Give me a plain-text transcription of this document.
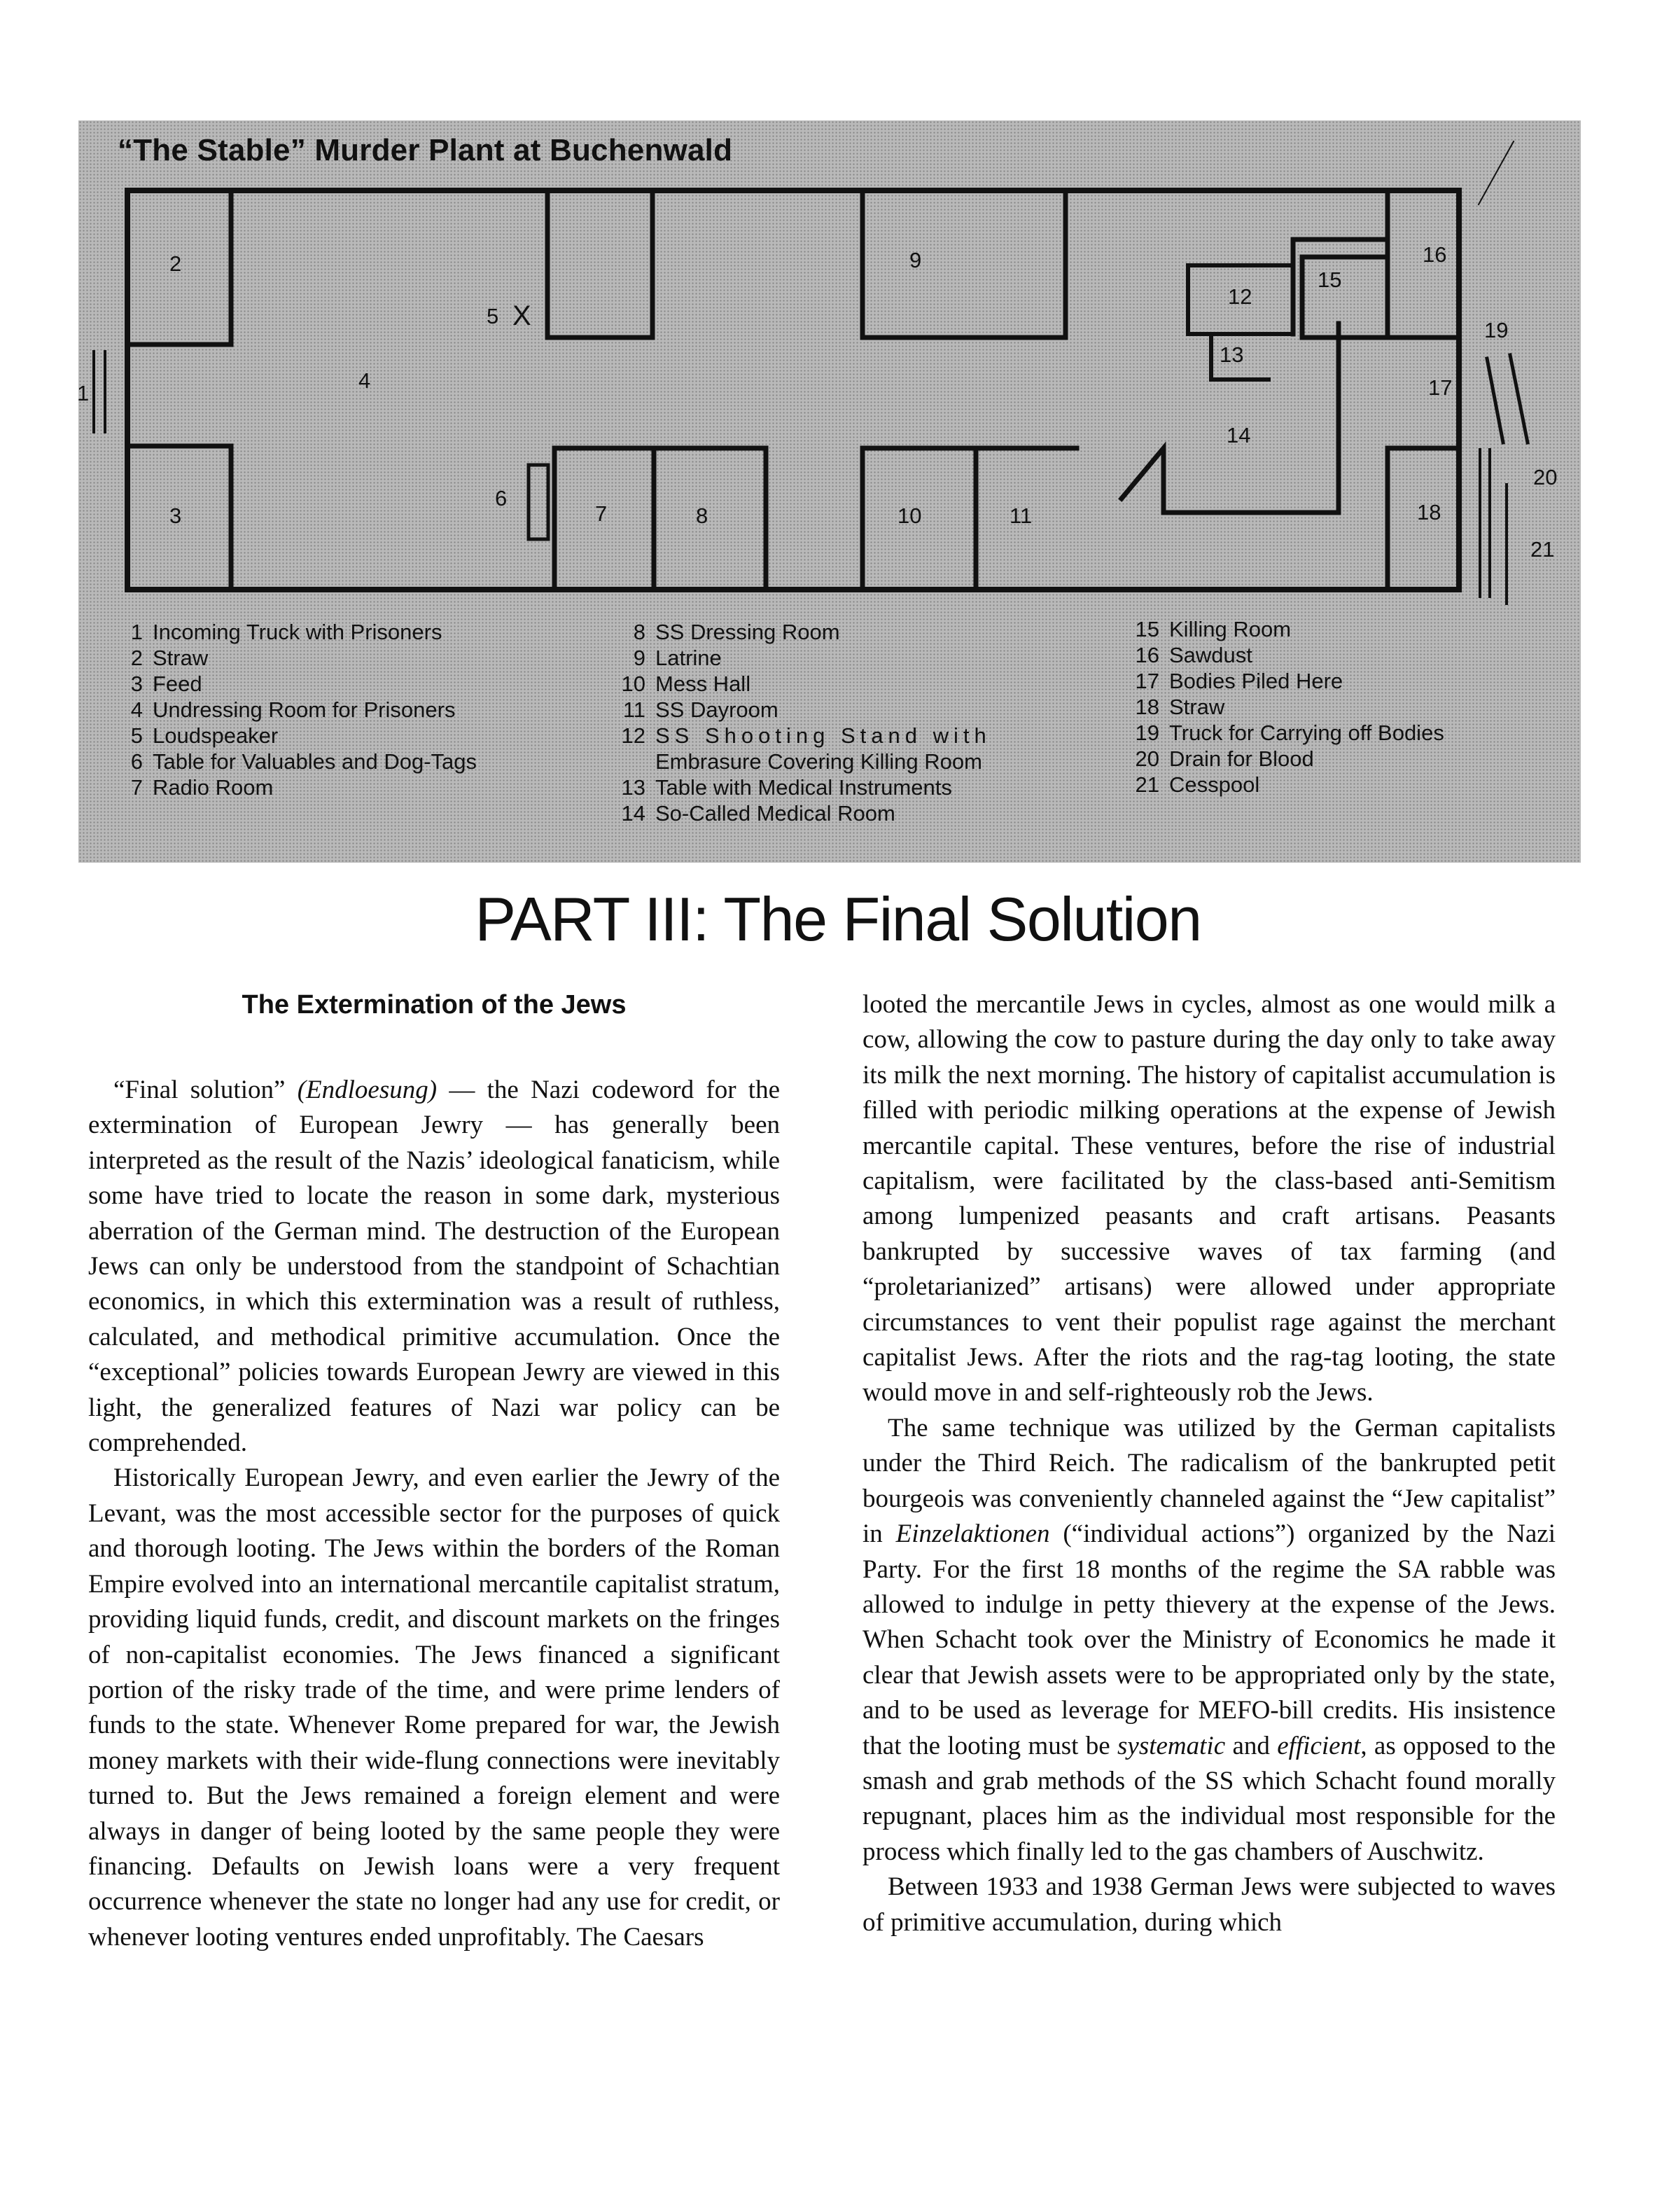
1
2
3
4
5 X
6
7	8
9
10	11
12
13
14
15
16
17
18
19
20
21
“The Stable” Murder Plant at Buchenwald
1 Incoming Truck with Prisoners
2 Straw
3 Feed
4 Undressing Room for Prisoners
5 Loudspeaker
6 Table for Valuables and Dog-Tags
7 Radio Room
8 SS Dressing Room
9 Latrine
10 Mess Hall
11 SS Dayroom
12 SS Shooting Stand with
Embrasure Covering Killing Room
13 Table with Medical Instruments
14 So-Called Medical Room
15 Killing Room
16 Sawdust
17 Bodies Piled Here
18 Straw
19 Truck for Carrying off Bodies
20 Drain for Blood
21 Cesspool
PART III: The Final Solution
The Extermination of the Jews

“Final solution” (Endloesung) — the Nazi codeword for the extermination of European Jewry — has generally been interpreted as the result of the Nazis’ ideological fanaticism, while some have tried to locate the reason in some dark, mysterious aberration of the German mind. The destruction of the European Jews can only be understood from the standpoint of Schachtian economics, in which this extermination was a result of ruthless, calculated, and methodical primitive accumulation. Once the “exceptional” policies towards European Jewry are viewed in this light, the generalized features of Nazi war policy can be comprehended.

Historically European Jewry, and even earlier the Jewry of the Levant, was the most accessible sector for the purposes of quick and thorough looting. The Jews within the borders of the Roman Empire evolved into an international mercantile capitalist stratum, providing liquid funds, credit, and discount markets on the fringes of non-capitalist economies. The Jews financed a significant portion of the risky trade of the time, and were prime lenders of funds to the state. Whenever Rome prepared for war, the Jewish money markets with their wide-flung connections were inevitably turned to. But the Jews remained a foreign element and were always in danger of being looted by the same people they were financing. Defaults on Jewish loans were a very frequent occurrence whenever the state no longer had any use for credit, or whenever looting ventures ended unprofitably. The Caesars

looted the mercantile Jews in cycles, almost as one would milk a cow, allowing the cow to pasture during the day only to take away its milk the next morning. The history of capitalist accumulation is filled with periodic milking operations at the expense of Jewish mercantile capital. These ventures, before the rise of industrial capitalism, were facilitated by the class-based anti-Semitism among lumpenized peasants and craft artisans. Peasants bankrupted by successive waves of tax farming (and “proletarianized” artisans) were allowed under appropriate circumstances to vent their populist rage against the merchant capitalist Jews. After the riots and the rag-tag looting, the state would move in and self-righteously rob the Jews.

The same technique was utilized by the German capitalists under the Third Reich. The radicalism of the bankrupted petit bourgeois was conveniently channeled against the “Jew capitalist” in Einzelaktionen (“individual actions”) organized by the Nazi Party. For the first 18 months of the regime the SA rabble was allowed to indulge in petty thievery at the expense of the Jews. When Schacht took over the Ministry of Economics he made it clear that Jewish assets were to be appropriated only by the state, and to be used as leverage for MEFO-bill credits. His insistence that the looting must be systematic and efficient, as opposed to the smash and grab methods of the SS which Schacht found morally repugnant, places him as the individual most responsible for the process which finally led to the gas chambers of Auschwitz.

Between 1933 and 1938 German Jews were subjected to waves of primitive accumulation, during which
